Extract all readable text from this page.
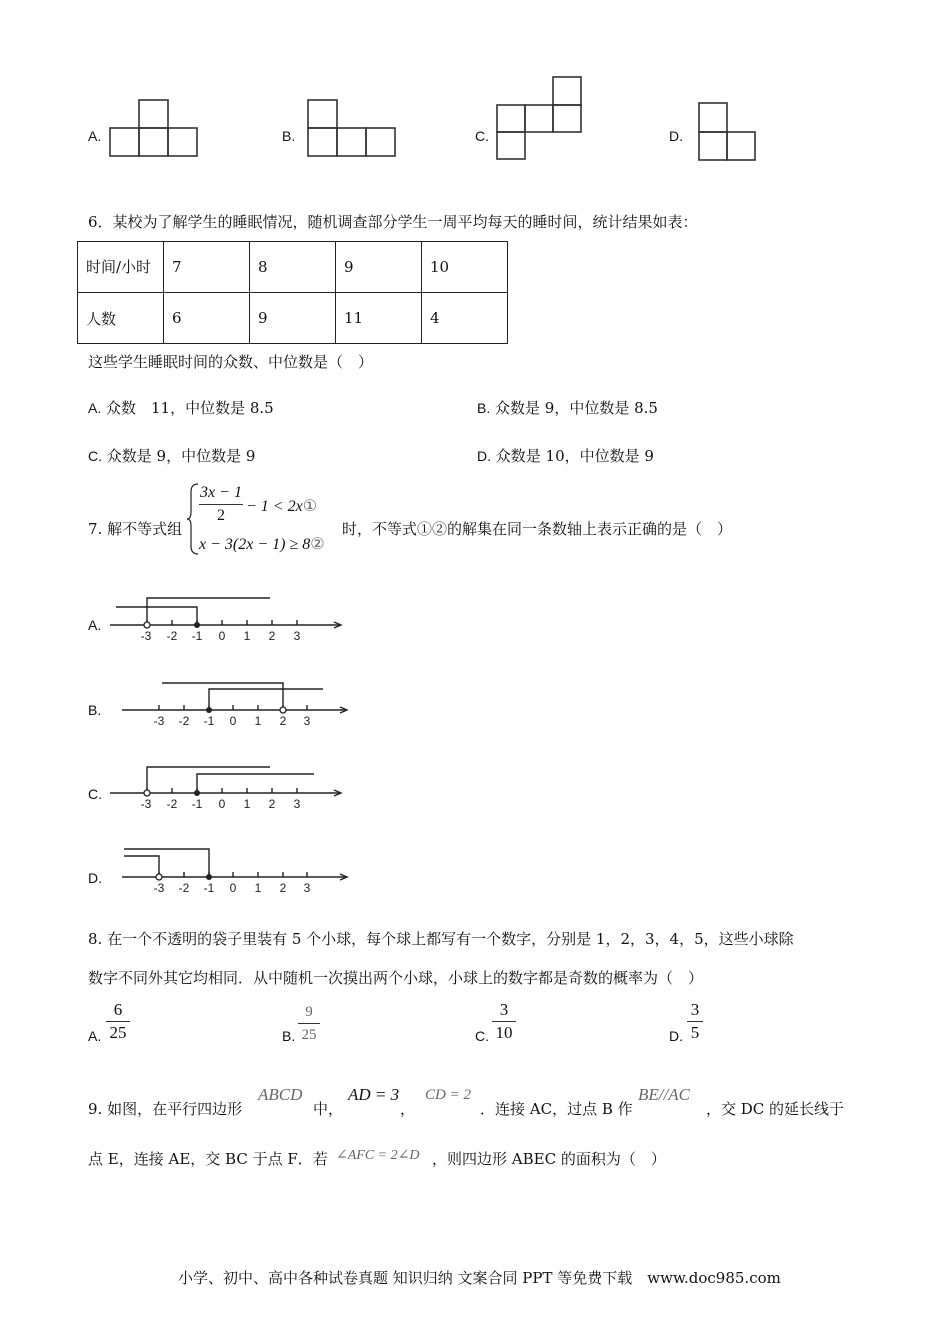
A.	B.	C.	D.
6．某校为了解学生的睡眠情况，随机调查部分学生一周平均每天的睡时间，统计结果如表：
时间/小时	7	8	9	10
人数	6	9	11	4
这些学生睡眠时间的众数、中位数是（　）
A. 众数　11，中位数是 8.5	B. 众数是 9，中位数是 8.5
C. 众数是 9，中位数是 9	D. 众数是 10，中位数是 9
7. 解不等式组
3x − 1
2
− 1 < 2x①
x − 3(2x − 1) ≥ 8②
时，不等式①②的解集在同一条数轴上表示正确的是（　）
A.
-3 -2 -1 0 1 2 3
B.
-3 -2 -1 0 1 2 3
C.
-3 -2 -1 0 1 2 3
D.
-3 -2 -1 0 1 2 3
8. 在一个不透明的袋子里装有 5 个小球，每个球上都写有一个数字，分别是 1，2，3，4，5，这些小球除
数字不同外其它均相同．从中随机一次摸出两个小球，小球上的数字都是奇数的概率为（　）
A.
6
25	B.
9
25	C.
3
10	D.
3
5
9. 如图，在平行四边形
ABCD
中，
AD = 3
，
CD = 2
．连接 AC，过点 B 作
BE//AC
，交 DC 的延长线于
点 E，连接 AE，交 BC 于点 F．若 ∠AFC = 2∠D ，则四边形 ABEC 的面积为（　）
小学、初中、高中各种试卷真题 知识归纳 文案合同 PPT 等免费下载　www.doc985.com
